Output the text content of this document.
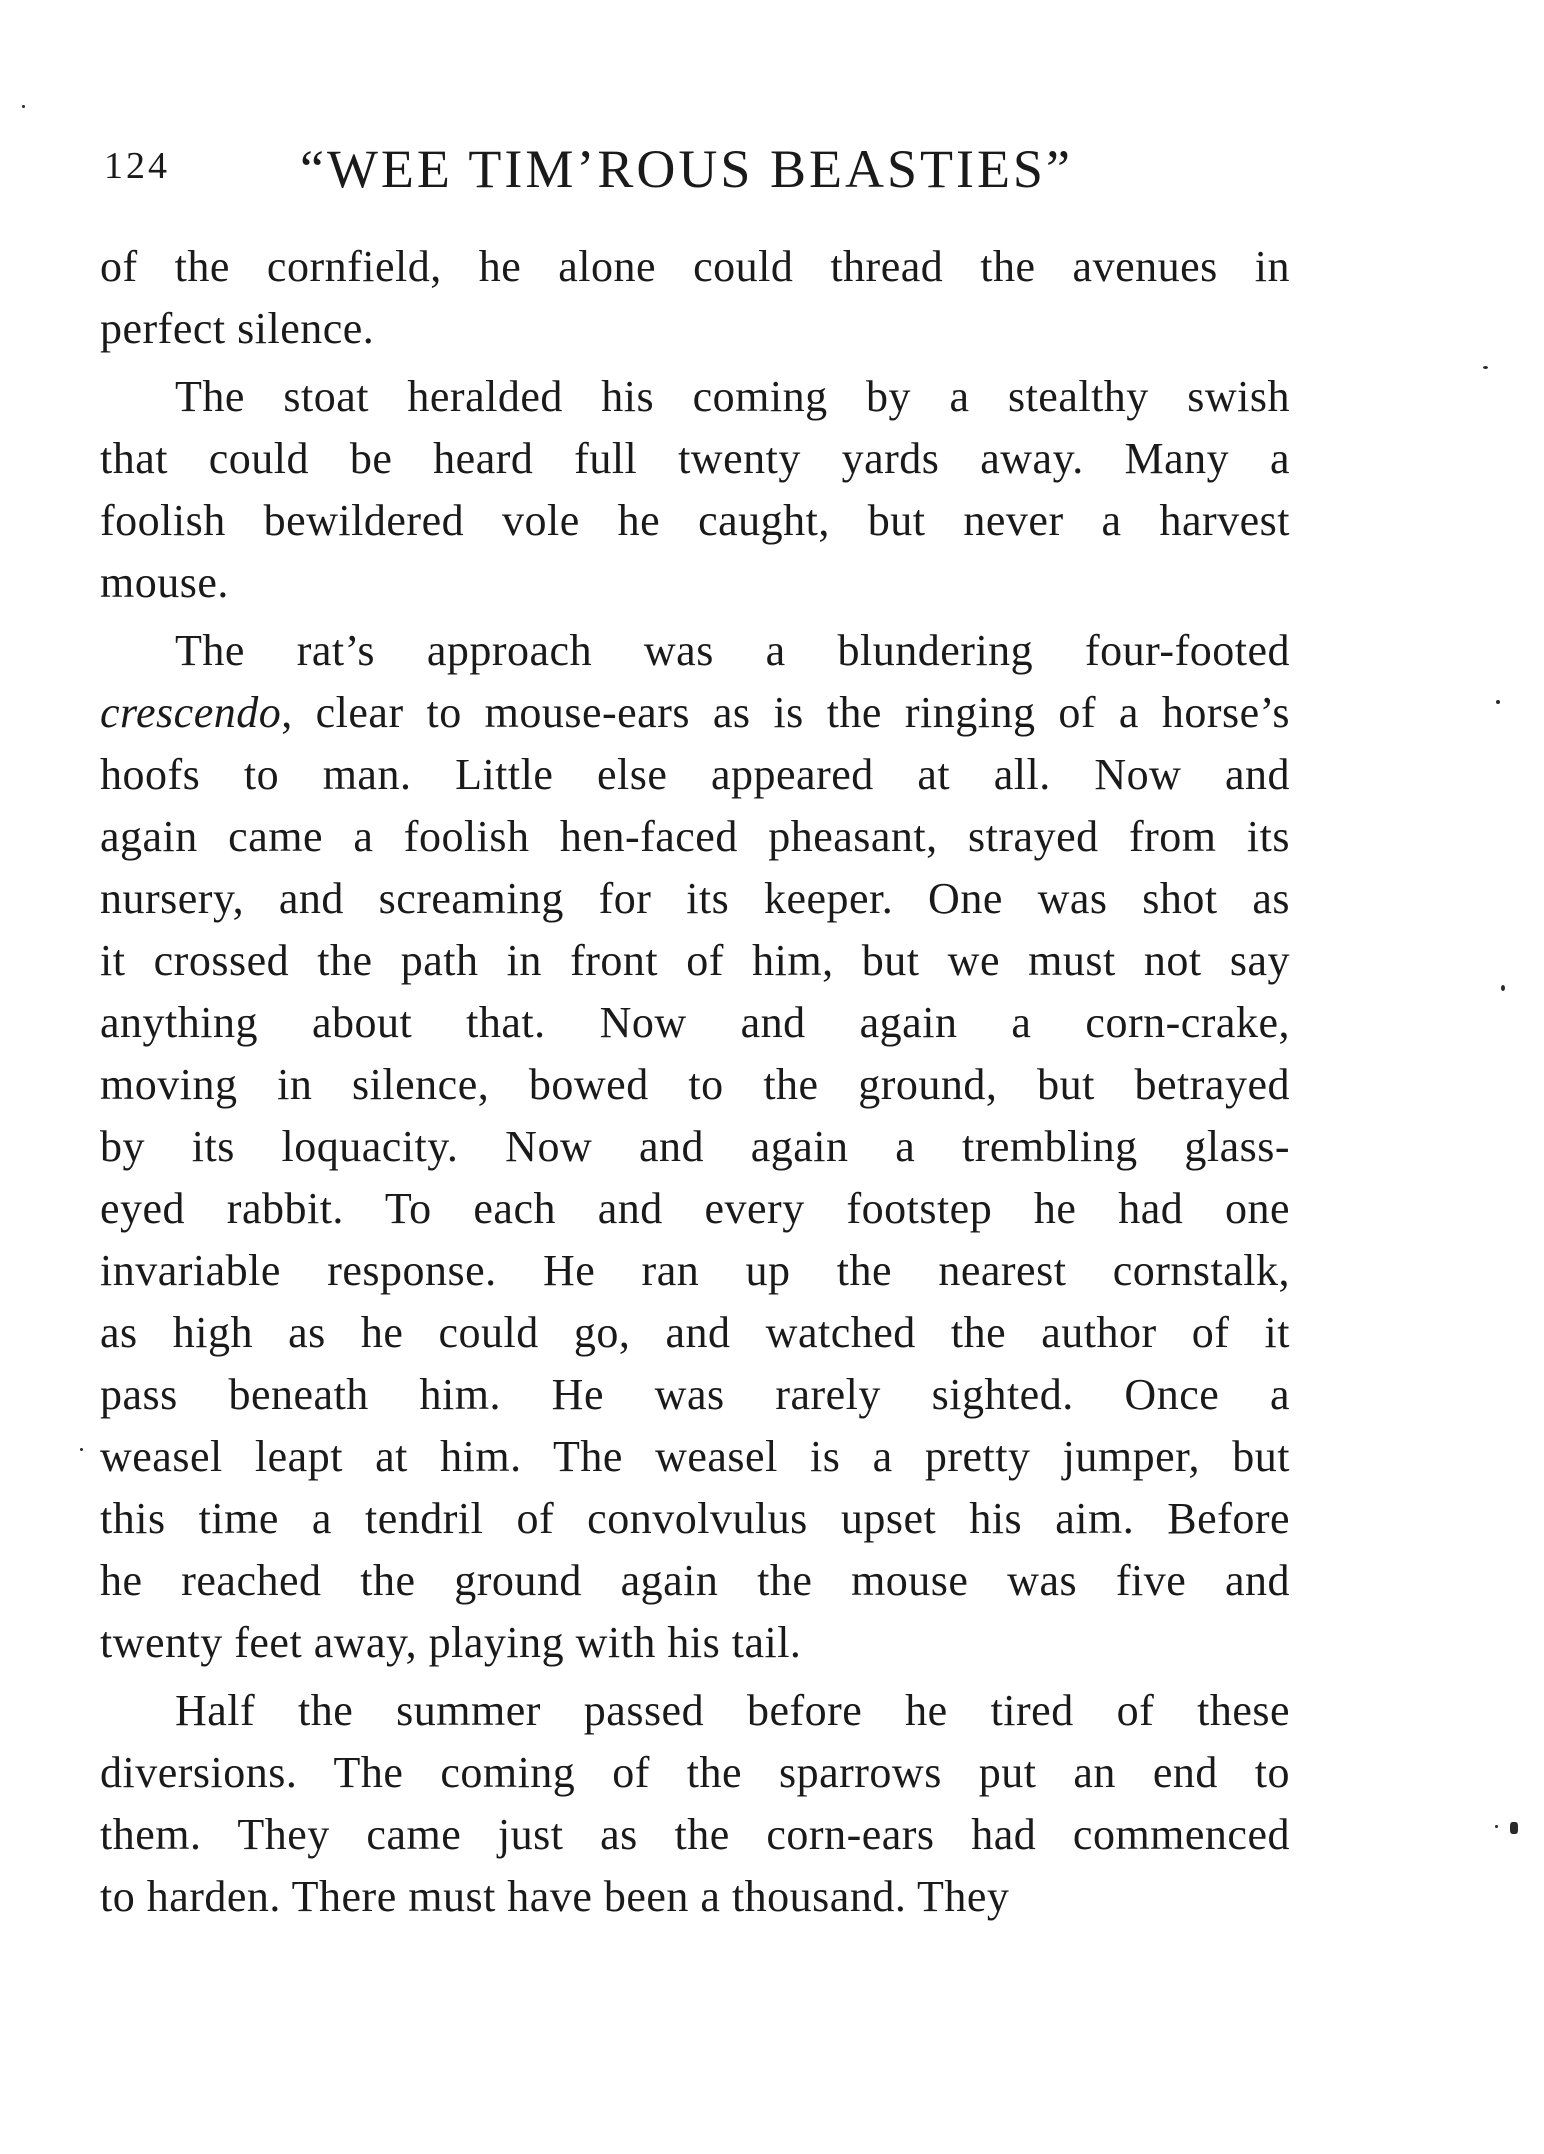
124 “WEE TIM’ROUS BEASTIES”
of the cornfield, he alone could thread the avenues in
perfect silence.
The stoat heralded his coming by a stealthy swish
that could be heard full twenty yards away. Many a
foolish bewildered vole he caught, but never a harvest
mouse.
The rat’s approach was a blundering four-footed
crescendo, clear to mouse-ears as is the ringing of a horse’s
hoofs to man. Little else appeared at all. Now and
again came a foolish hen-faced pheasant, strayed from its
nursery, and screaming for its keeper. One was shot as
it crossed the path in front of him, but we must not say
anything about that. Now and again a corn-crake,
moving in silence, bowed to the ground, but betrayed
by its loquacity. Now and again a trembling glass-
eyed rabbit. To each and every footstep he had one
invariable response. He ran up the nearest cornstalk,
as high as he could go, and watched the author of it
pass beneath him. He was rarely sighted. Once a
weasel leapt at him. The weasel is a pretty jumper, but
this time a tendril of convolvulus upset his aim. Before
he reached the ground again the mouse was five and
twenty feet away, playing with his tail.
Half the summer passed before he tired of these
diversions. The coming of the sparrows put an end to
them. They came just as the corn-ears had commenced
to harden. There must have been a thousand. They
